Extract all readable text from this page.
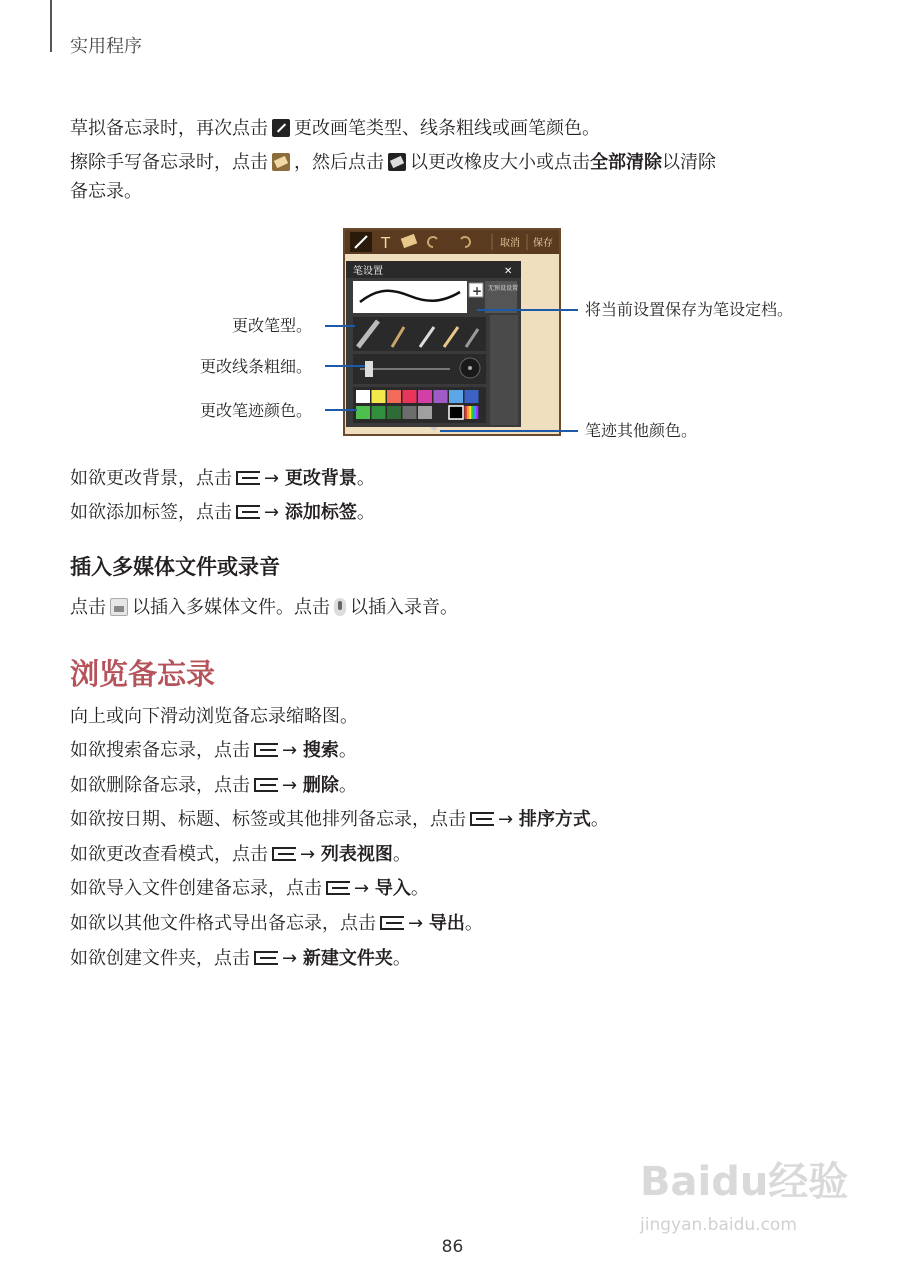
实用程序
草拟备忘录时，再次点击 更改画笔类型、线条粗线或画笔颜色。
擦除手写备忘录时，点击 ，然后点击 以更改橡皮大小或点击全部清除以清除
备忘录。
T	取消 保存
笔设置	✕
+ 无预设设置
更改笔型。
更改线条粗细。
更改笔迹颜色。
将当前设置保存为笔设定档。
笔迹其他颜色。
如欲更改背景，点击 → 更改背景。
如欲添加标签，点击 → 添加标签。
插入多媒体文件或录音
点击 以插入多媒体文件。点击 以插入录音。
浏览备忘录
向上或向下滑动浏览备忘录缩略图。
如欲搜索备忘录，点击 → 搜索。
如欲删除备忘录，点击 → 删除。
如欲按日期、标题、标签或其他排列备忘录，点击 → 排序方式。
如欲更改查看模式，点击 → 列表视图。
如欲导入文件创建备忘录，点击 → 导入。
如欲以其他文件格式导出备忘录，点击 → 导出。
如欲创建文件夹，点击 → 新建文件夹。
Baidu经验
jingyan.baidu.com
86
